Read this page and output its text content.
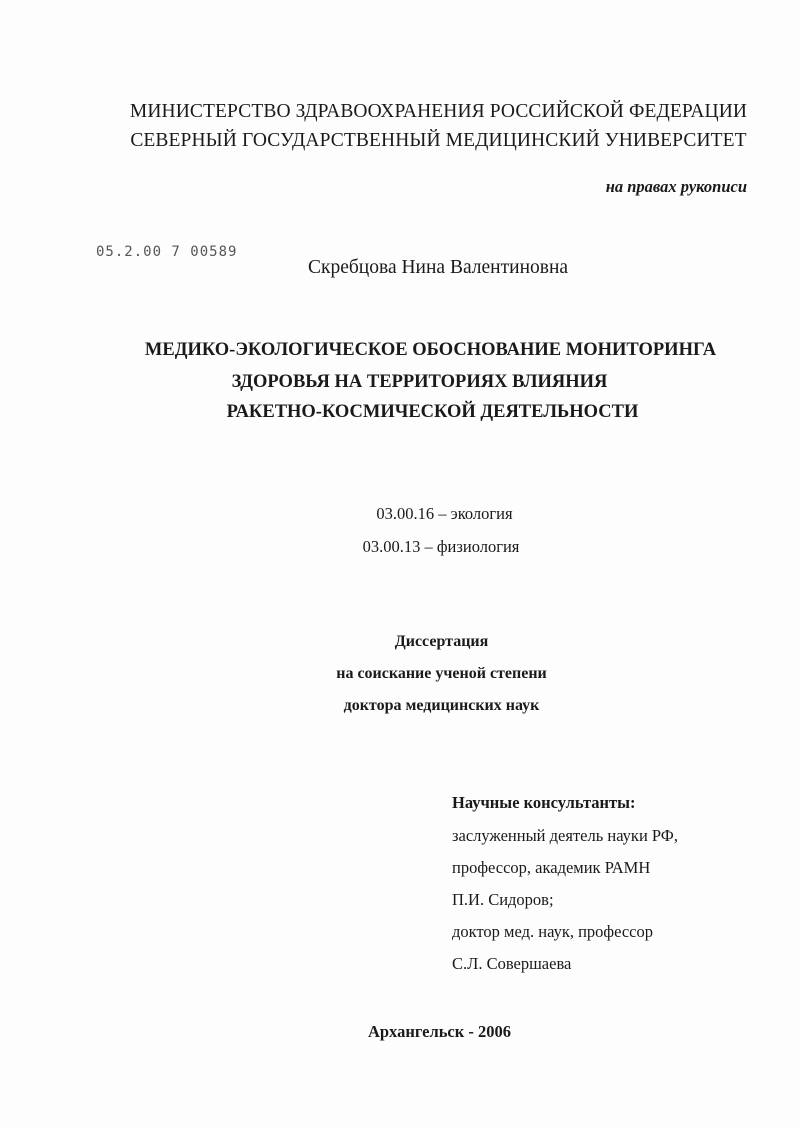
МИНИСТЕРСТВО ЗДРАВООХРАНЕНИЯ РОССИЙСКОЙ ФЕДЕРАЦИИ
СЕВЕРНЫЙ ГОСУДАРСТВЕННЫЙ МЕДИЦИНСКИЙ УНИВЕРСИТЕТ
на правах рукописи
05.2.00 7 00589
Скребцова Нина Валентиновна
МЕДИКО-ЭКОЛОГИЧЕСКОЕ ОБОСНОВАНИЕ МОНИТОРИНГА
ЗДОРОВЬЯ НА ТЕРРИТОРИЯХ ВЛИЯНИЯ
РАКЕТНО-КОСМИЧЕСКОЙ ДЕЯТЕЛЬНОСТИ
03.00.16 – экология
03.00.13 – физиология
Диссертация
на соискание ученой степени
доктора медицинских наук
Научные консультанты:
заслуженный деятель науки РФ,
профессор, академик РАМН
П.И. Сидоров;
доктор мед. наук, профессор
С.Л. Совершаева
Архангельск - 2006
